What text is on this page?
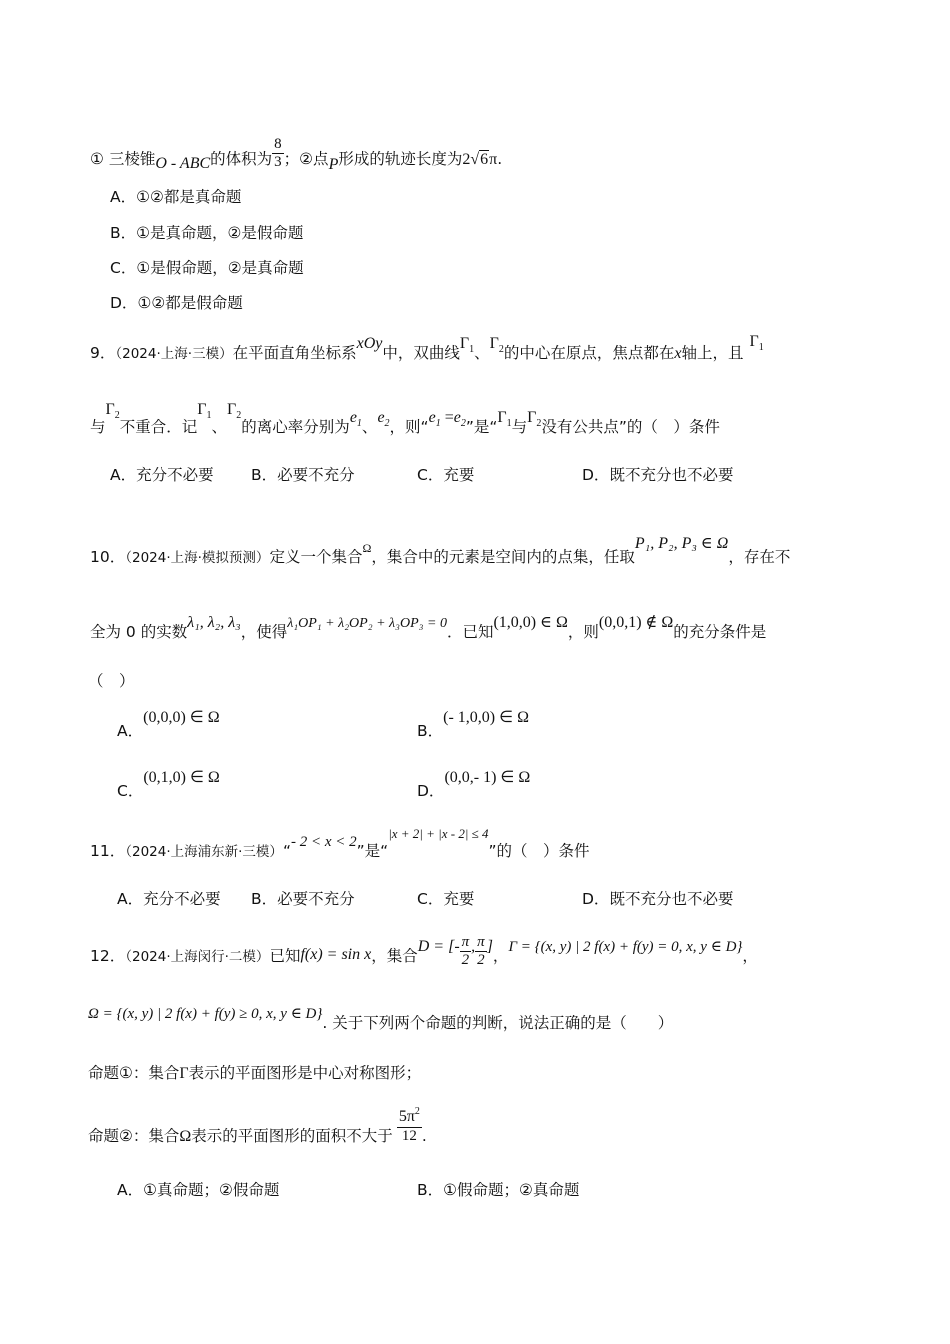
① 三棱锥O - ABC的体积为 $\frac{8}{3}$ ；②点P形成的轨迹长度为2√6π.
A．①②都是真命题
B．①是真命题，②是假命题
C．①是假命题，②是真命题
D．①②都是假命题
9．（2024·上海·三模）在平面直角坐标系xOy中，双曲线$\Gamma_1$、$\Gamma_2$的中心在原点，焦点都在x轴上，且$\Gamma_1$
与$\Gamma_2$不重合．记$\Gamma_1$、$\Gamma_2$的离心率分别为$e_1$、$e_2$，则“$e_1 =e_2$”是“$\Gamma_1$与$\Gamma_2$没有公共点”的（　）条件
A．充分不必要 B．必要不充分	C．充要	D．既不充分也不必要
10．（2024·上海·模拟预测）定义一个集合$^\Omega$，集合中的元素是空间内的点集，任取P₁, P₂, P₃ ∈ Ω，存在不
全为 0 的实数λ₁, λ₂, λ₃，使得λ₁OP₁ + λ₂OP₂ + λ₃OP₃ = 0．已知(1,0,0) ∈ Ω，则(0,0,1) ∉ Ω的充分条件是
（　）
A．(0,0,0) ∈ Ω
B．(- 1,0,0) ∈ Ω
C．(0,1,0) ∈ Ω
D．(0,0,- 1) ∈ Ω
11．（2024·上海浦东新·三模）“- 2 < x < 2”是“$^{|x + 2| + |x - 2| \le 4}$”的（　）条件
A．充分不必要 B．必要不充分	C．充要	D．既不充分也不必要
12．（2024·上海闵行·二模）已知f(x) = sin x，集合D = [- $\frac{\pi}{2}$ , $\frac{\pi}{2}$ ]，Γ = {(x, y) | 2 f(x) + f(y) = 0, x, y ∈ D}，
Ω = {(x, y) | 2 f(x) + f(y) ≥ 0, x, y ∈ D}. 关于下列两个命题的判断，说法正确的是（　　）
命题①：集合Γ表示的平面图形是中心对称图形；
命题②：集合Ω表示的平面图形的面积不大于 $\frac{5\pi^2}{12}$ .
A．①真命题；②假命题	B．①假命题；②真命题
